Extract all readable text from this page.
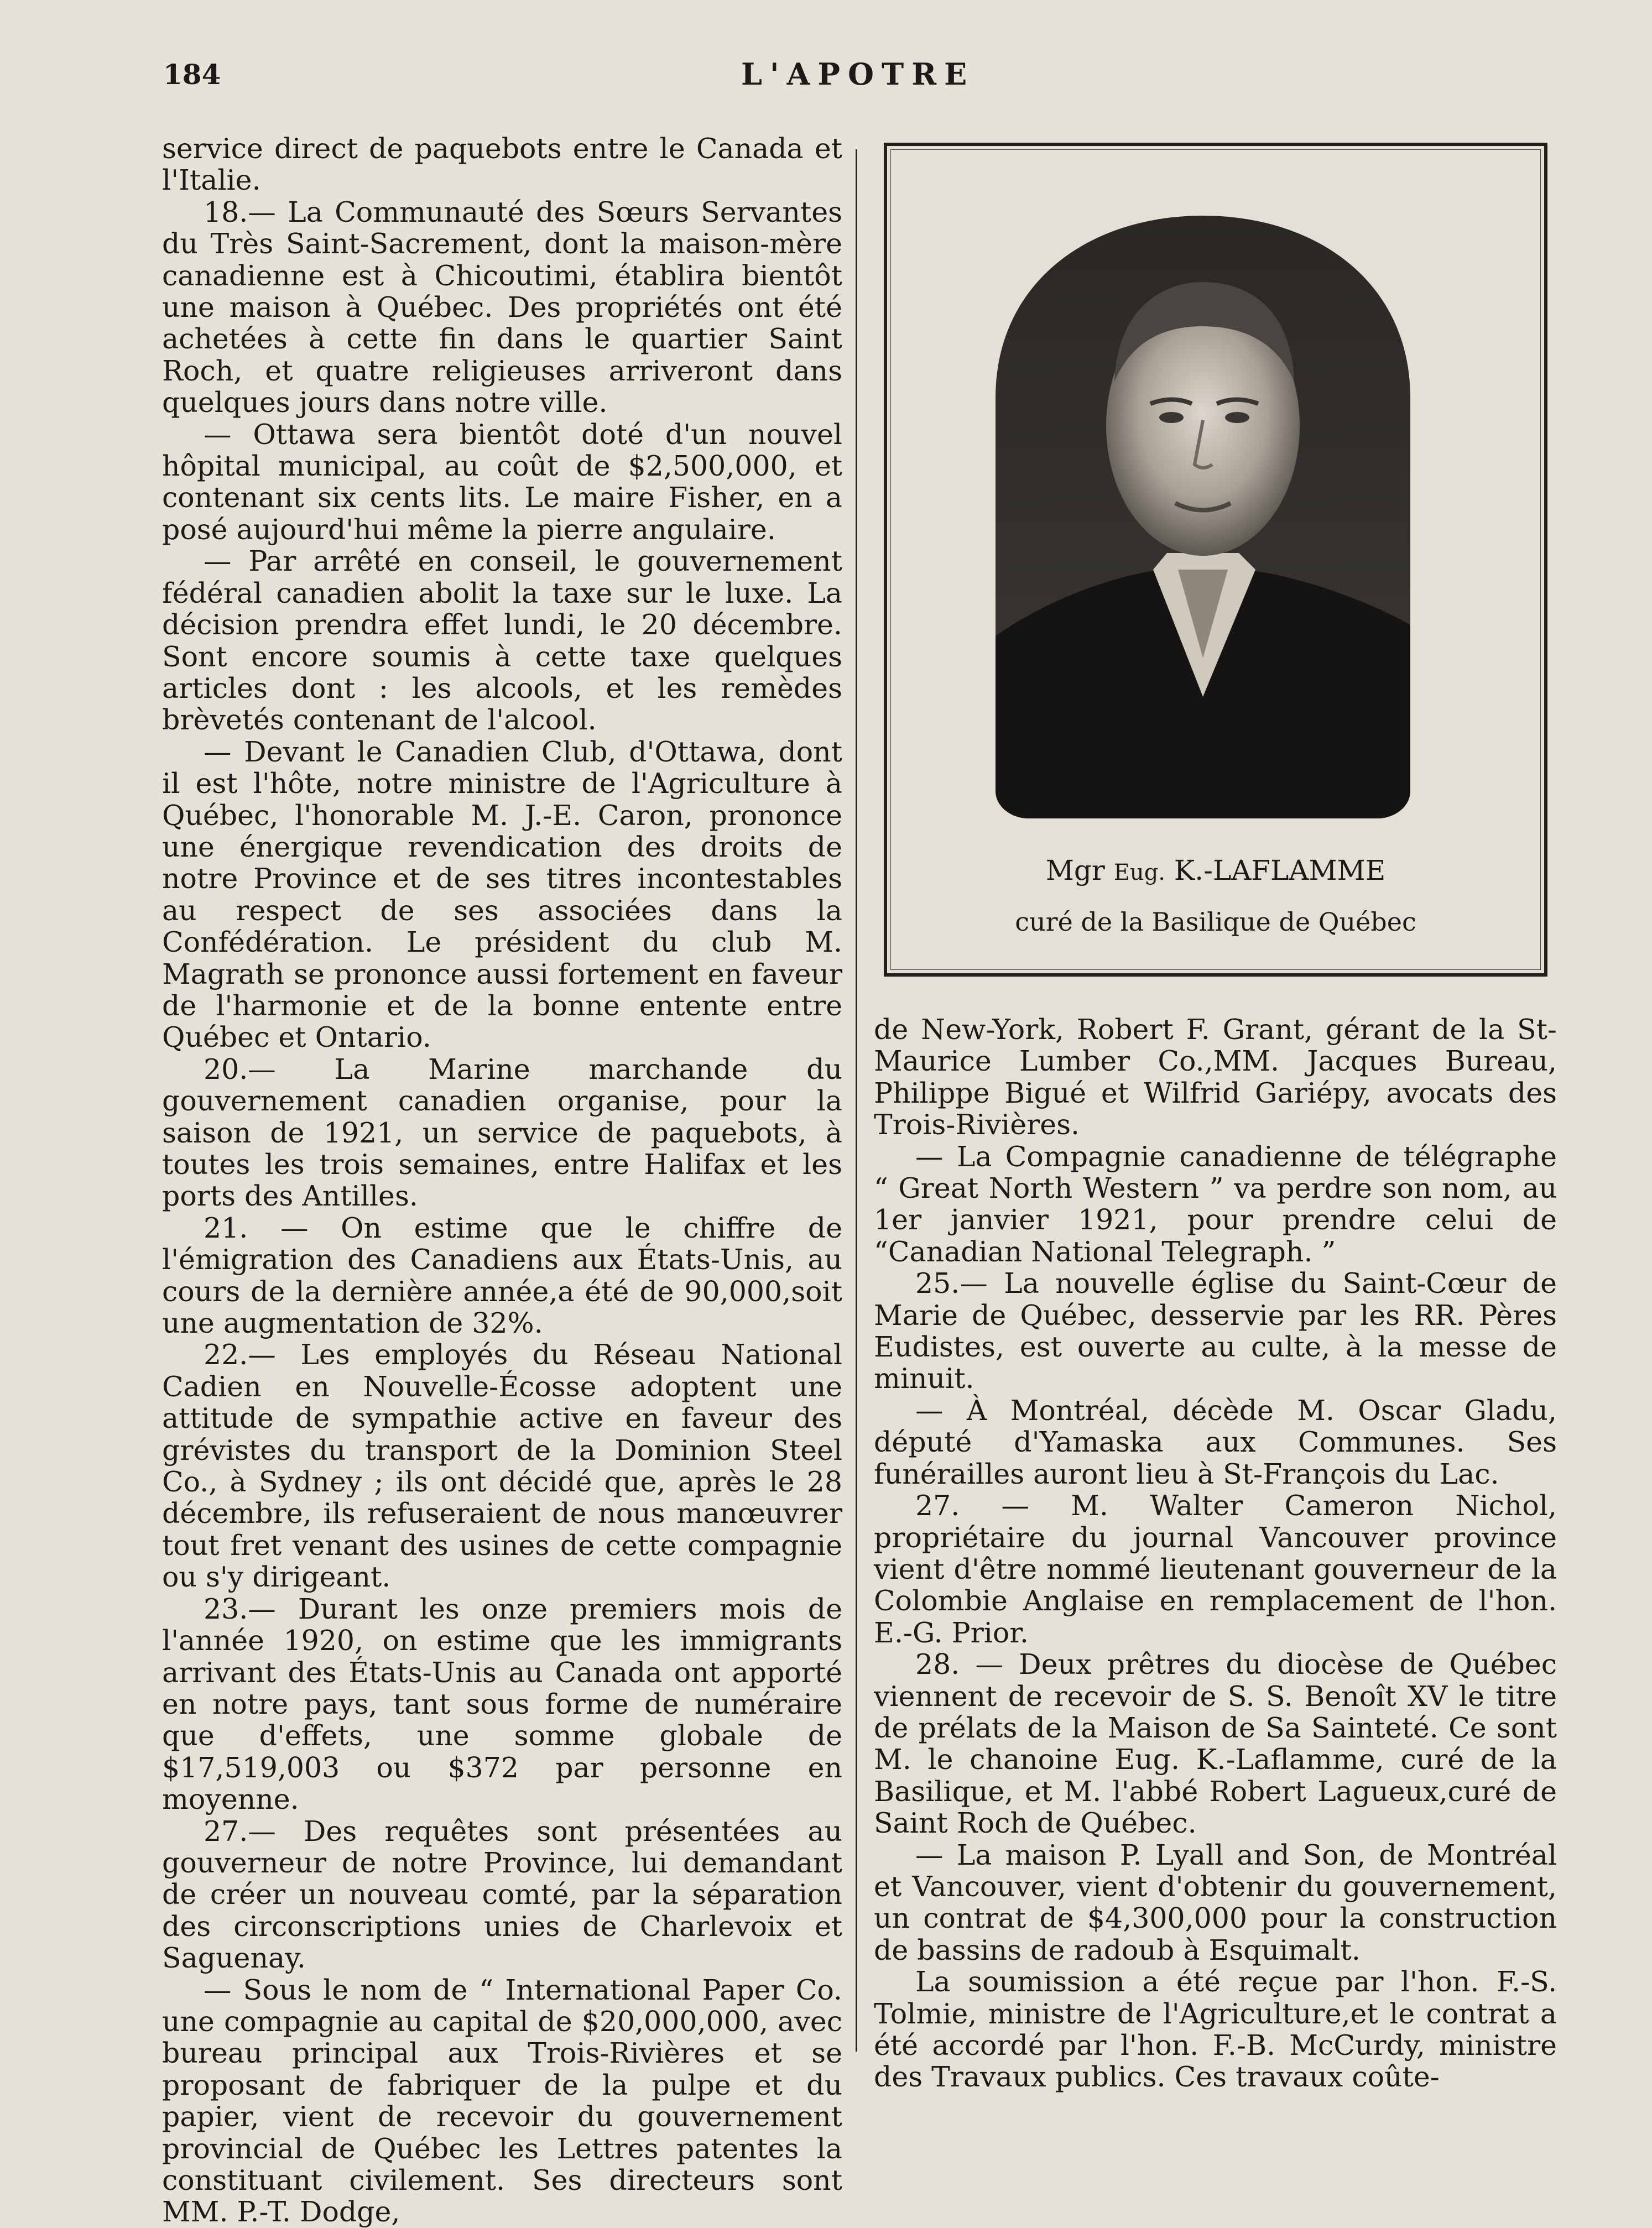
184	L'APOTRE

service direct de paquebots entre le Canada et l'Italie.

18.— La Communauté des Sœurs Servantes du Très Saint-Sacrement, dont la maison-mère canadienne est à Chicoutimi, établira bientôt une maison à Québec. Des propriétés ont été achetées à cette fin dans le quartier Saint Roch, et quatre religieuses arriveront dans quelques jours dans notre ville.

— Ottawa sera bientôt doté d'un nouvel hôpital municipal, au coût de $2,500,000, et contenant six cents lits. Le maire Fisher, en a posé aujourd'hui même la pierre angulaire.

— Par arrêté en conseil, le gouvernement fédéral canadien abolit la taxe sur le luxe. La décision prendra effet lundi, le 20 décembre. Sont encore soumis à cette taxe quelques articles dont : les alcools, et les remèdes brèvetés contenant de l'alcool.

— Devant le Canadien Club, d'Ottawa, dont il est l'hôte, notre ministre de l'Agriculture à Québec, l'honorable M. J.-E. Caron, prononce une énergique revendication des droits de notre Province et de ses titres incontestables au respect de ses associées dans la Confédération. Le président du club M. Magrath se prononce aussi fortement en faveur de l'harmonie et de la bonne entente entre Québec et Ontario.

20.— La Marine marchande du gouvernement canadien organise, pour la saison de 1921, un service de paquebots, à toutes les trois semaines, entre Halifax et les ports des Antilles.

21. — On estime que le chiffre de l'émigration des Canadiens aux États-Unis, au cours de la dernière année,a été de 90,000,soit une augmentation de 32%.

22.— Les employés du Réseau National Cadien en Nouvelle-Écosse adoptent une attitude de sympathie active en faveur des grévistes du transport de la Dominion Steel Co., à Sydney ; ils ont décidé que, après le 28 décembre, ils refuseraient de nous manœuvrer tout fret venant des usines de cette compagnie ou s'y dirigeant.

23.— Durant les onze premiers mois de l'année 1920, on estime que les immigrants arrivant des États-Unis au Canada ont apporté en notre pays, tant sous forme de numéraire que d'effets, une somme globale de $17,519,003 ou $372 par personne en moyenne.

27.— Des requêtes sont présentées au gouverneur de notre Province, lui demandant de créer un nouveau comté, par la séparation des circonscriptions unies de Charlevoix et Saguenay.

— Sous le nom de “ International Paper Co. une compagnie au capital de $20,000,000, avec bureau principal aux Trois-Rivières et se proposant de fabriquer de la pulpe et du papier, vient de recevoir du gouvernement provincial de Québec les Lettres patentes la constituant civilement. Ses directeurs sont MM. P.-T. Dodge,

Mgr Eug. K.-LAFLAMME
curé de la Basilique de Québec

de New-York, Robert F. Grant, gérant de la St-Maurice Lumber Co.,MM. Jacques Bureau, Philippe Bigué et Wilfrid Gariépy, avocats des Trois-Rivières.

— La Compagnie canadienne de télégraphe “ Great North Western ” va perdre son nom, au 1er janvier 1921, pour prendre celui de “Canadian National Telegraph. ”

25.— La nouvelle église du Saint-Cœur de Marie de Québec, desservie par les RR. Pères Eudistes, est ouverte au culte, à la messe de minuit.

— À Montréal, décède M. Oscar Gladu, député d'Yamaska aux Communes. Ses funérailles auront lieu à St-François du Lac.

27. — M. Walter Cameron Nichol, propriétaire du journal Vancouver province vient d'être nommé lieutenant gouverneur de la Colombie Anglaise en remplacement de l'hon. E.-G. Prior.

28. — Deux prêtres du diocèse de Québec viennent de recevoir de S. S. Benoît XV le titre de prélats de la Maison de Sa Sainteté. Ce sont M. le chanoine Eug. K.-Laflamme, curé de la Basilique, et M. l'abbé Robert Lagueux,curé de Saint Roch de Québec.

— La maison P. Lyall and Son, de Montréal et Vancouver, vient d'obtenir du gouvernement, un contrat de $4,300,000 pour la construction de bassins de radoub à Esquimalt.

La soumission a été reçue par l'hon. F.-S. Tolmie, ministre de l'Agriculture,et le contrat a été accordé par l'hon. F.-B. McCurdy, ministre des Travaux publics. Ces travaux coûte-
